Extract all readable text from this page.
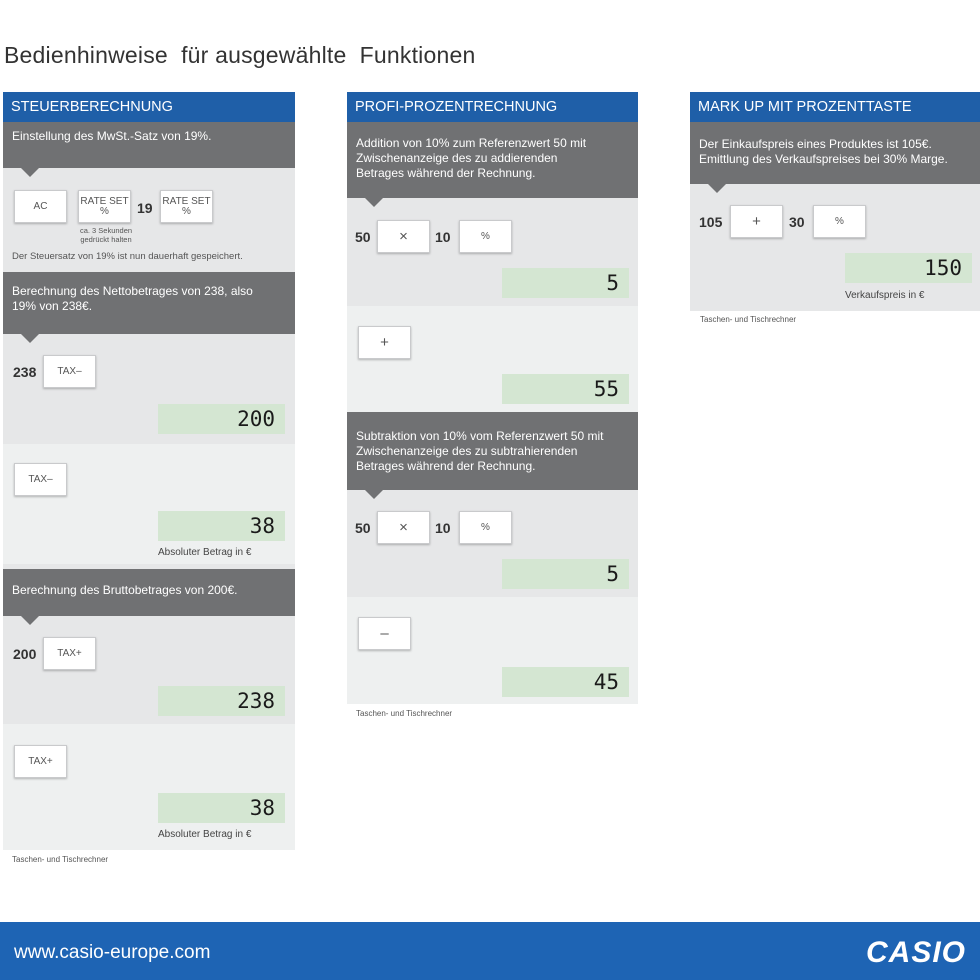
Bedienhinweise  für ausgewählte  Funktionen
STEUERBERECHNUNG
Einstellung des MwSt.-Satz von 19%.
AC	RATE SET
% 19 RATE SET
%
ca. 3 Sekunden gedrückt halten
Der Steuersatz von 19% ist nun dauerhaft gespeichert.
Berechnung des Nettobetrages von 238, also 19% von 238€.
238	TAX–
200
TAX–
38
Absoluter Betrag in €
Berechnung des Bruttobetrages von 200€.
200	TAX+
238
TAX+
38
Absoluter Betrag in €
Taschen- und Tischrechner
PROFI-PROZENTRECHNUNG
Addition von 10% zum Referenzwert 50 mit Zwischenanzeige des zu addierenden Betrages während der Rechnung.
50	×	10	%
5
+
55
Subtraktion von 10% vom Referenzwert 50 mit Zwischenanzeige des zu subtrahierenden Betrages während der Rechnung.
50	×	10	%
5
–
45
Taschen- und Tischrechner
MARK UP MIT PROZENTTASTE
Der Einkaufspreis eines Produktes ist 105€. Emittlung des Verkaufspreises bei 30% Marge.
105	+	30	%
150
Verkaufspreis in €
Taschen- und Tischrechner
www.casio-europe.com	CASIO
